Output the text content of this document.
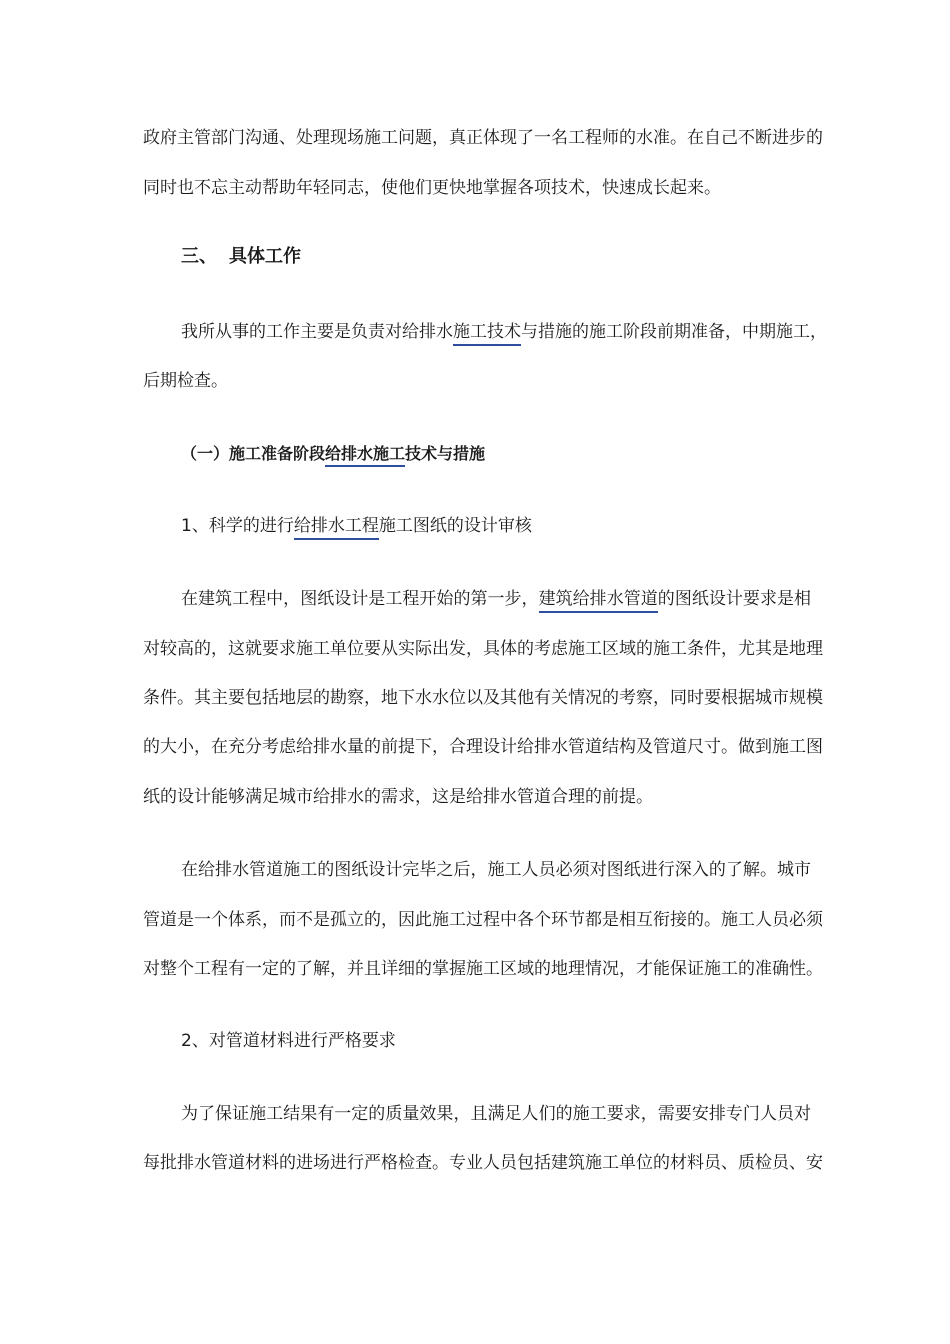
政府主管部门沟通、处理现场施工问题，真正体现了一名工程师的水准。在自己不断进步的
同时也不忘主动帮助年轻同志，使他们更快地掌握各项技术，快速成长起来。
三、 具体工作
我所从事的工作主要是负责对给排水施工技术与措施的施工阶段前期准备，中期施工，
后期检查。
（一）施工准备阶段给排水施工技术与措施
1、科学的进行给排水工程施工图纸的设计审核
在建筑工程中，图纸设计是工程开始的第一步，建筑给排水管道的图纸设计要求是相
对较高的，这就要求施工单位要从实际出发，具体的考虑施工区域的施工条件，尤其是地理
条件。其主要包括地层的勘察，地下水水位以及其他有关情况的考察，同时要根据城市规模
的大小，在充分考虑给排水量的前提下，合理设计给排水管道结构及管道尺寸。做到施工图
纸的设计能够满足城市给排水的需求，这是给排水管道合理的前提。
在给排水管道施工的图纸设计完毕之后，施工人员必须对图纸进行深入的了解。城市
管道是一个体系，而不是孤立的，因此施工过程中各个环节都是相互衔接的。施工人员必须
对整个工程有一定的了解，并且详细的掌握施工区域的地理情况，才能保证施工的准确性。
2、对管道材料进行严格要求
为了保证施工结果有一定的质量效果，且满足人们的施工要求，需要安排专门人员对
每批排水管道材料的进场进行严格检查。专业人员包括建筑施工单位的材料员、质检员、安
